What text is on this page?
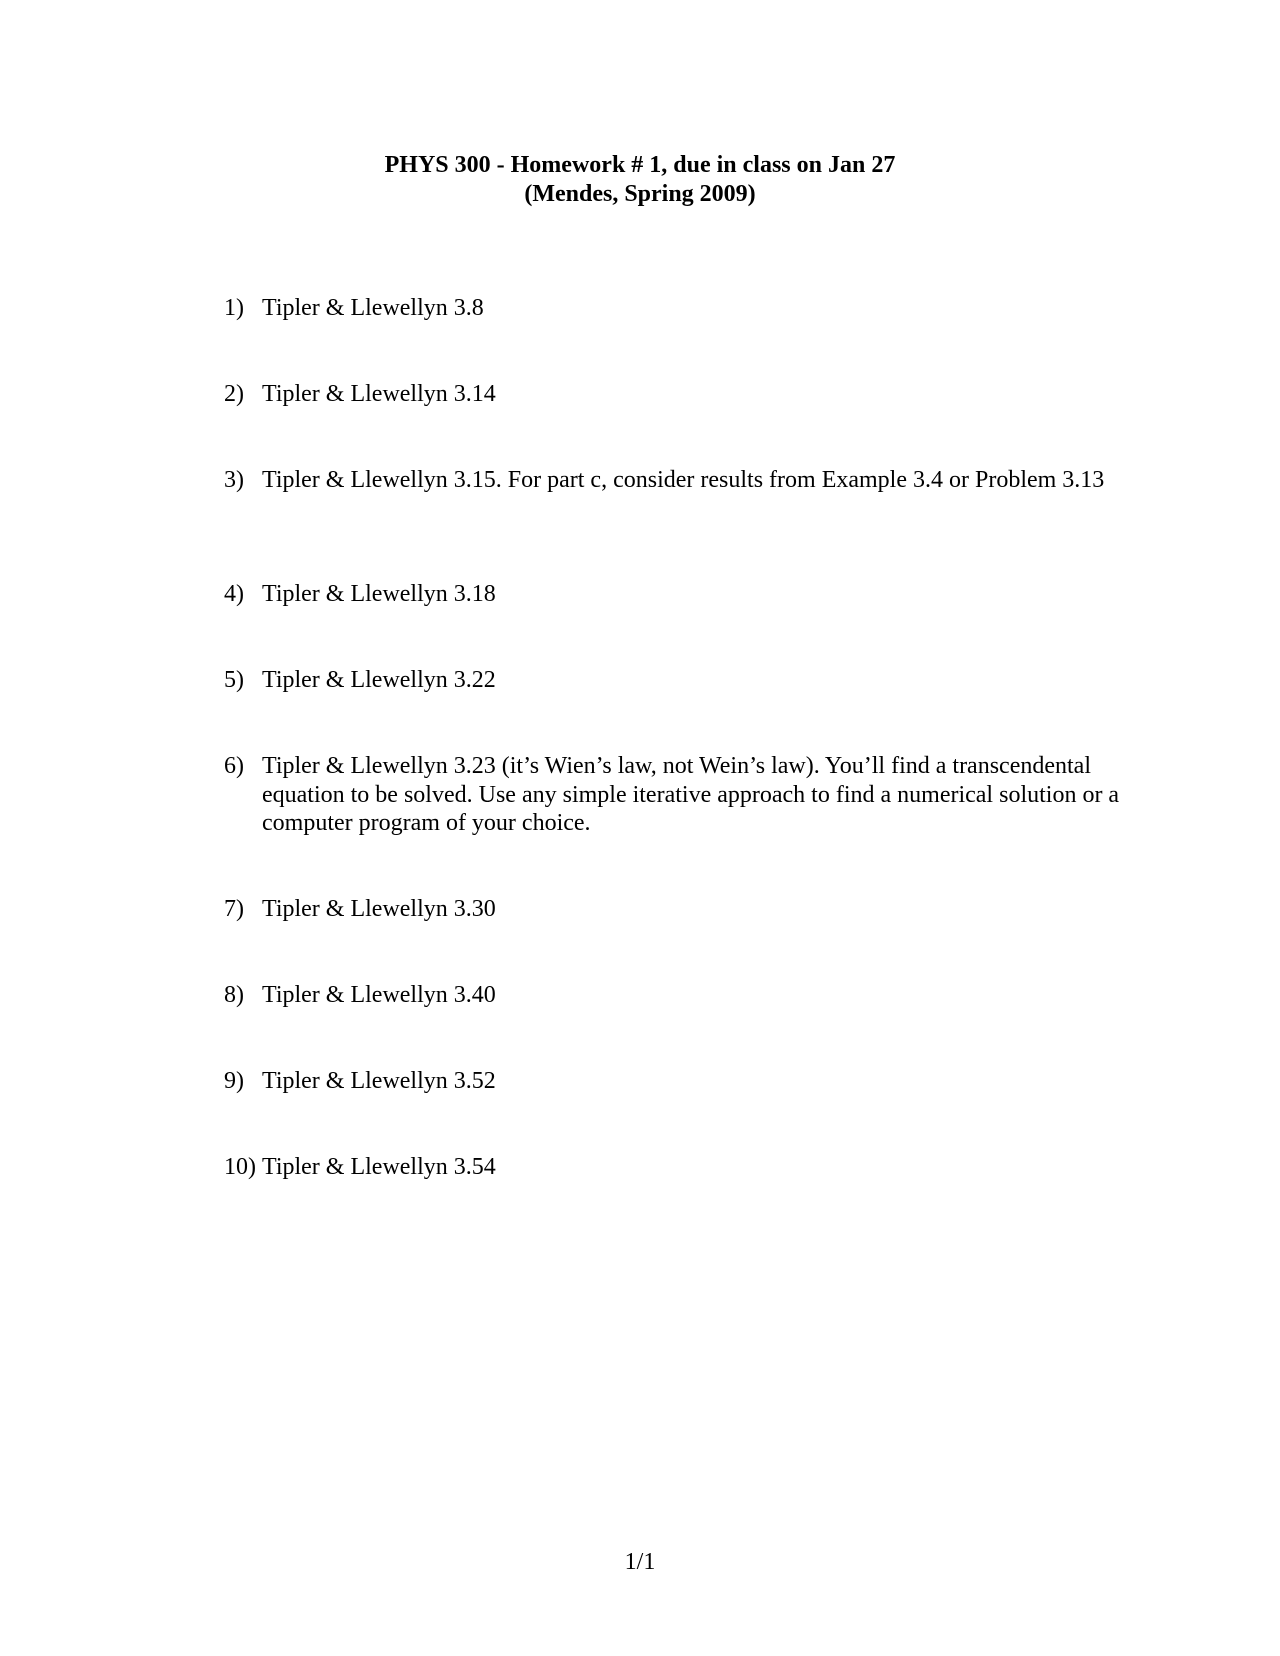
PHYS 300 - Homework # 1, due in class on Jan 27
(Mendes, Spring 2009)
1) Tipler & Llewellyn 3.8
2) Tipler & Llewellyn 3.14
3) Tipler & Llewellyn 3.15. For part c, consider results from Example 3.4 or Problem 3.13
4) Tipler & Llewellyn 3.18
5) Tipler & Llewellyn 3.22
6) Tipler & Llewellyn 3.23 (it’s Wien’s law, not Wein’s law). You’ll find a transcendental equation to be solved. Use any simple iterative approach to find a numerical solution or a computer program of your choice.
7) Tipler & Llewellyn 3.30
8) Tipler & Llewellyn 3.40
9) Tipler & Llewellyn 3.52
10) Tipler & Llewellyn 3.54
1/1
